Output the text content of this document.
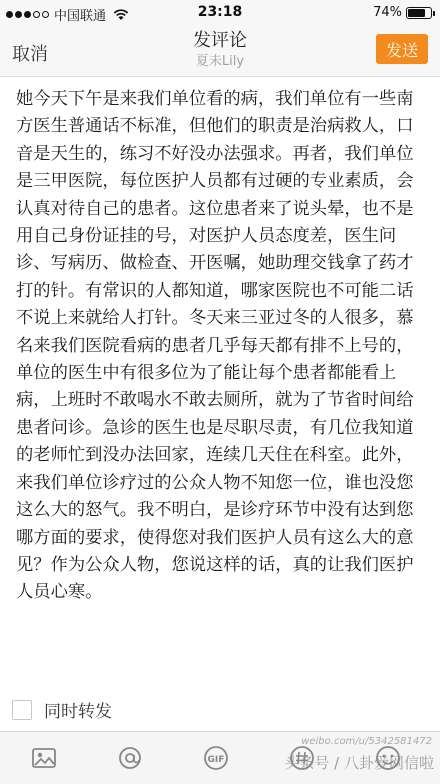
中国联通	23:18	74%
取消
发评论
夏未Lily
发送
她今天下午是来我们单位看的病，我们单位有一些南方医生普通话不标准，但他们的职责是治病救人，口音是天生的，练习不好没办法强求。再者，我们单位是三甲医院，每位医护人员都有过硬的专业素质，会认真对待自己的患者。这位患者来了说头晕，也不是用自己身份证挂的号，对医护人员态度差，医生问诊、写病历、做检查、开医嘱，她助理交钱拿了药才打的针。有常识的人都知道，哪家医院也不可能二话不说上来就给人打针。冬天来三亚过冬的人很多，慕名来我们医院看病的患者几乎每天都有排不上号的，单位的医生中有很多位为了能让每个患者都能看上病，上班时不敢喝水不敢去厕所，就为了节省时间给患者问诊。急诊的医生也是尽职尽责，有几位我知道的老师忙到没办法回家，连续几天住在科室。此外，来我们单位诊疗过的公众人物不知您一位，谁也没您这么大的怒气。我不明白，是诊疗环节中没有达到您哪方面的要求，使得您对我们医护人员有这么大的意见？作为公众人物，您说这样的话，真的让我们医护人员心寒。
同时转发
GIF
weibo.com/u/5342581472
头条号 / 八卦爱网信啦
